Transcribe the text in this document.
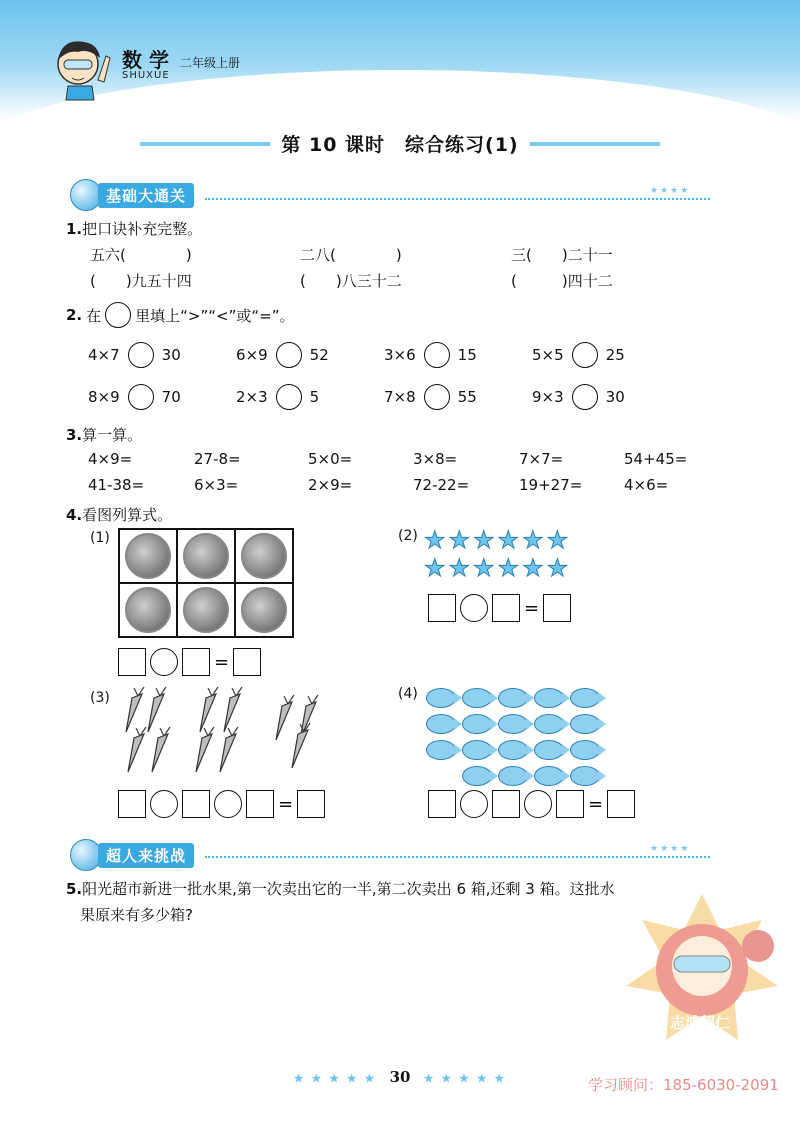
数 学
SHUXUE
二年级上册
第 10 课时　综合练习(1)
基础大通关	★★★★
1.把口诀补充完整。
五六(　　　　)	二八(　　　　)	三(　　)二十一
(　　)九五十四	(　　)八三十二	(　　　)四十二
2. 在 里填上“>”“<”或“=”。
4×7	30	6×9	52	3×6	15	5×5	25
8×9	70	2×3	5	7×8	55	9×3	30
3.算一算。
4×9=	27-8=	5×0=	3×8=	7×7=	54+45=
41-38=	6×3=	2×9=	72-22=	19+27=	4×6=
4.看图列算式。
(1)
=
(2) ★ ★ ★ ★ ★ ★
★ ★ ★ ★ ★ ★
=
(3)
=
(4)
=
超人来挑战	★★★★
5.阳光超市新进一批水果,第一次卖出它的一半,第二次卖出 6 箱,还剩 3 箱。这批水
果原来有多少箱?
志鸿超仁
★ ★ ★ ★ ★ 30 ★ ★ ★ ★ ★	学习顾问：185-6030-2091
